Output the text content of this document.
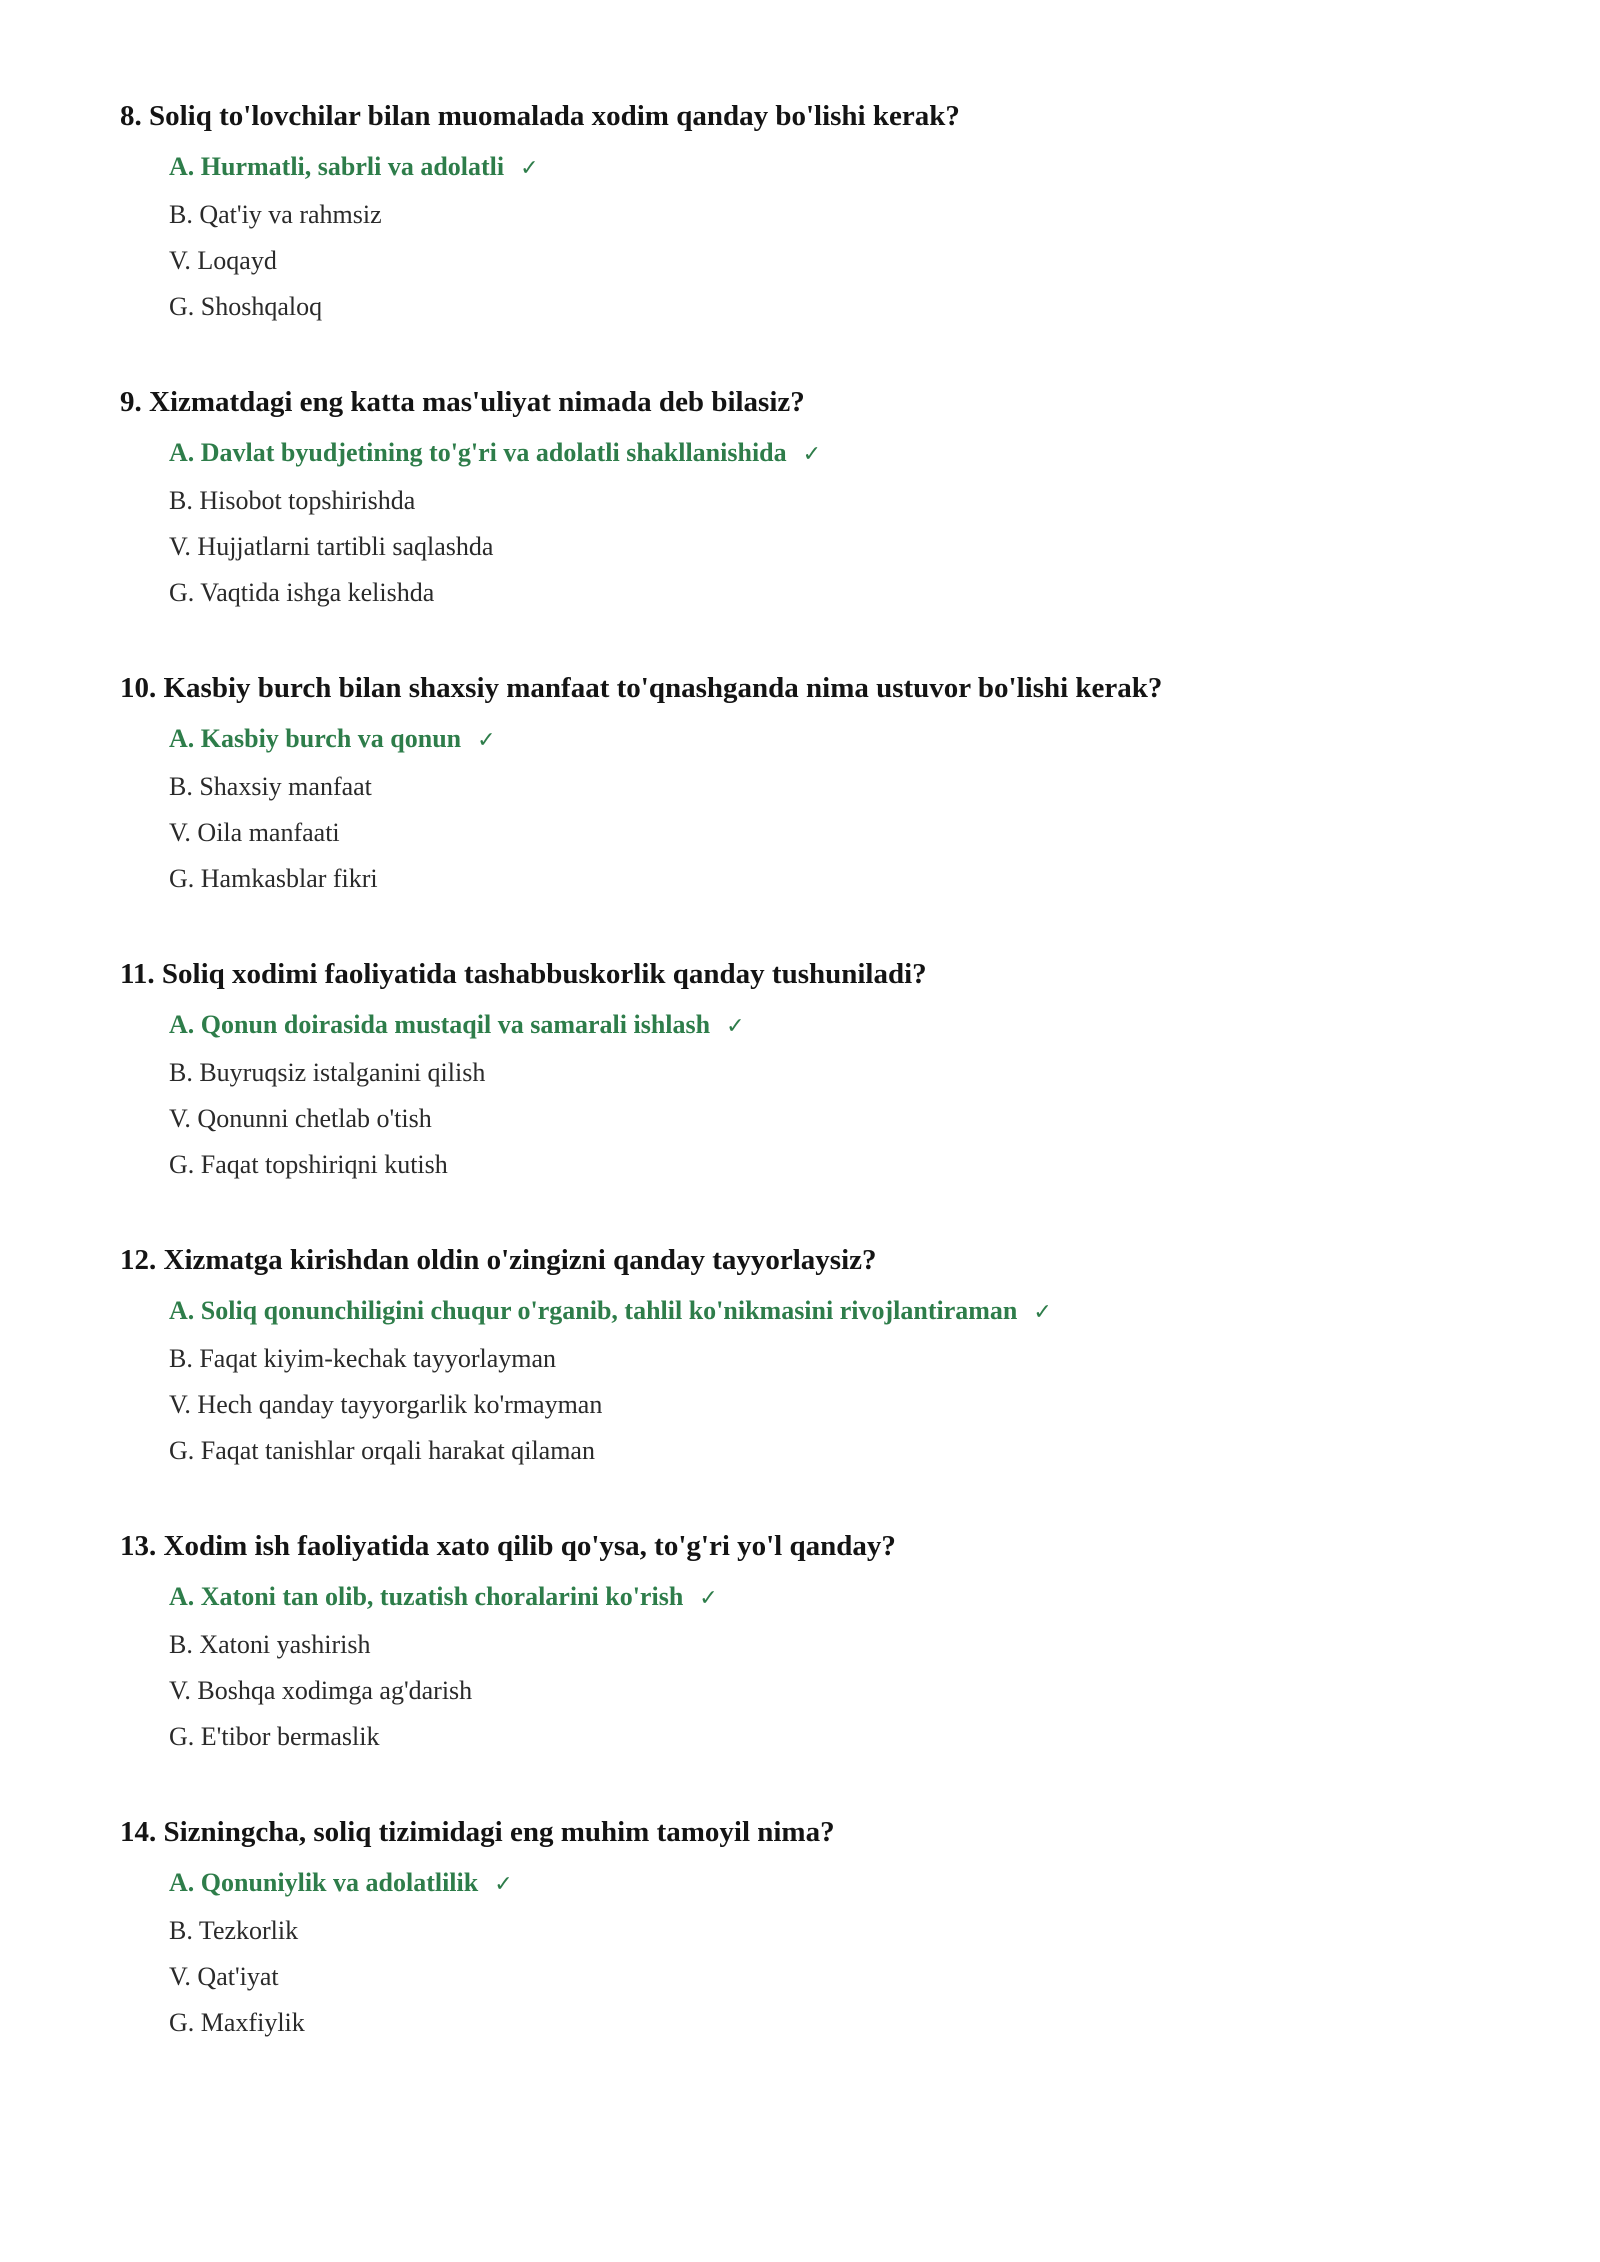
8. Soliq to'lovchilar bilan muomalada xodim qanday bo'lishi kerak?
A. Hurmatli, sabrli va adolatli ✓
B. Qat'iy va rahmsiz
V. Loqayd
G. Shoshqaloq
9. Xizmatdagi eng katta mas'uliyat nimada deb bilasiz?
A. Davlat byudjetining to'g'ri va adolatli shakllanishida ✓
B. Hisobot topshirishda
V. Hujjatlarni tartibli saqlashda
G. Vaqtida ishga kelishda
10. Kasbiy burch bilan shaxsiy manfaat to'qnashganda nima ustuvor bo'lishi kerak?
A. Kasbiy burch va qonun ✓
B. Shaxsiy manfaat
V. Oila manfaati
G. Hamkasblar fikri
11. Soliq xodimi faoliyatida tashabbuskorlik qanday tushuniladi?
A. Qonun doirasida mustaqil va samarali ishlash ✓
B. Buyruqsiz istalganini qilish
V. Qonunni chetlab o'tish
G. Faqat topshiriqni kutish
12. Xizmatga kirishdan oldin o'zingizni qanday tayyorlaysiz?
A. Soliq qonunchiligini chuqur o'rganib, tahlil ko'nikmasini rivojlantiraman ✓
B. Faqat kiyim-kechak tayyorlayman
V. Hech qanday tayyorgarlik ko'rmayman
G. Faqat tanishlar orqali harakat qilaman
13. Xodim ish faoliyatida xato qilib qo'ysa, to'g'ri yo'l qanday?
A. Xatoni tan olib, tuzatish choralarini ko'rish ✓
B. Xatoni yashirish
V. Boshqa xodimga ag'darish
G. E'tibor bermaslik
14. Sizningcha, soliq tizimidagi eng muhim tamoyil nima?
A. Qonuniylik va adolatlilik ✓
B. Tezkorlik
V. Qat'iyat
G. Maxfiylik
